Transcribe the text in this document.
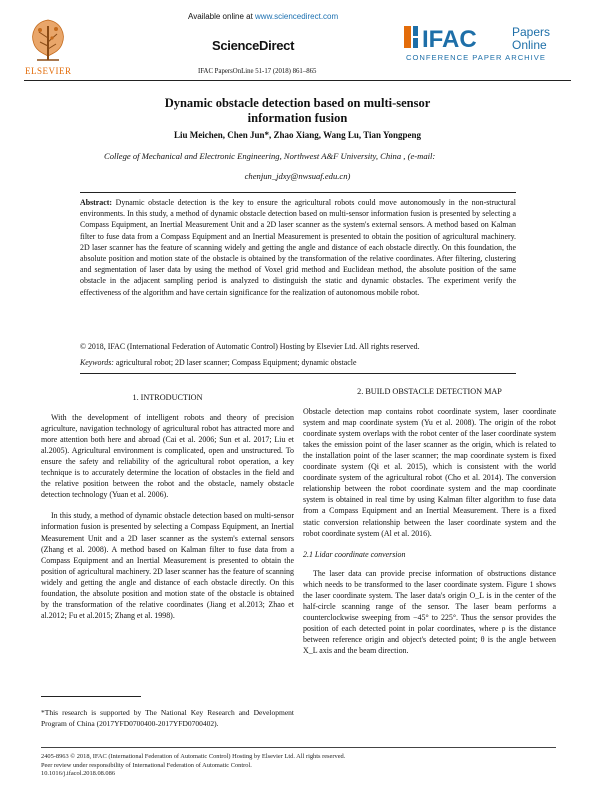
Available online at www.sciencedirect.com
ELSEVIER
ScienceDirect
IFAC PapersOnLine 51-17 (2018) 861–865
IFAC	Papers
Online
CONFERENCE PAPER ARCHIVE
Dynamic obstacle detection based on multi-sensor
information fusion
Liu Meichen, Chen Jun*, Zhao Xiang, Wang Lu, Tian Yongpeng
College of Mechanical and Electronic Engineering, Northwest A&F University, China , (e-mail:
chenjun_jdxy@nwsuaf.edu.cn)
Abstract: Dynamic obstacle detection is the key to ensure the agricultural robots could move autonomously in the non-structural environments. In this study, a method of dynamic obstacle detection based on multi-sensor information fusion is presented by selecting a Compass Equipment, an Inertial Measurement Unit and a 2D laser scanner as the system's external sensors. A method based on Kalman filter to fuse data from a Compass Equipment and an Inertial Measurement is presented to obtain the position of agricultural machinery. 2D laser scanner has the feature of scanning widely and getting the angle and distance of each obstacle directly. On this foundation, the absolute position and motion state of the obstacle is obtained by the transformation of the relative coordinates. After filtering, clustering and segmentation of laser data by using the method of Voxel grid method and Euclidean method, the absolute position of the same obstacle in the adjacent sampling period is analyzed to distinguish the static and dynamic obstacles. The experiment verify the effectiveness of the algorithm and have certain significance for the realization of autonomous mobile robot.
© 2018, IFAC (International Federation of Automatic Control) Hosting by Elsevier Ltd. All rights reserved.
Keywords: agricultural robot; 2D laser scanner; Compass Equipment; dynamic obstacle
1. INTRODUCTION
With the development of intelligent robots and theory of precision agriculture, navigation technology of agricultural robot has attracted more and more attention both here and abroad (Cai et al. 2006; Sun et al. 2017; Liu et al.2005). Agricultural environment is complicated, open and unstructured. To ensure the safety and reliability of the agricultural robot operation, a key technique is to accurately determine the location of obstacles in the field and the relative position between the robot and the obstacle, namely obstacle detection technology (Yuan et al. 2006).
In this study, a method of dynamic obstacle detection based on multi-sensor information fusion is presented by selecting a Compass Equipment, an Inertial Measurement Unit and a 2D laser scanner as the system's external sensors (Zhang et al. 2008). A method based on Kalman filter to fuse data from a Compass Equipment and an Inertial Measurement is presented to obtain the position of agricultural machinery. 2D laser scanner has the feature of scanning widely and getting the angle and distance of each obstacle directly. On this foundation, the absolute position and motion state of the obstacle is obtained by the transformation of the relative coordinates (Jiang et al.2013; Zhao et al.2012; Fu et al.2015; Zhang et al. 1998).
*This research is supported by The National Key Research and Development Program of China (2017YFD0700400-2017YFD0700402).
2. BUILD OBSTACLE DETECTION MAP
Obstacle detection map contains robot coordinate system, laser coordinate system and map coordinate system (Yu et al. 2008). The origin of the robot coordinate system overlaps with the robot center of the laser coordinate system takes the emission point of the laser scanner as the origin, which is related to the installation point of the laser scanner; the map coordinate system is fixed coordinate system (Qi et al. 2015), which is consistent with the world coordinate system of the agricultural robot (Cho et al. 2014). The conversion relationship between the robot coordinate system and the map coordinate system is obtained in real time by using Kalman filter algorithm to fuse data from a Compass Equipment and an Inertial Measurement. There is a fixed static conversion relationship between the laser coordinate system and the robot coordinate system (Al et al. 2016).
2.1 Lidar coordinate conversion
The laser data can provide precise information of obstructions distance which needs to be transformed to the laser coordinate system. Figure 1 shows the laser coordinate system. The laser data's origin O_L is in the center of the half-circle scanning range of the sensor. The laser beam performs a counterclockwise sweeping from −45° to 225°. Thus the sensor provides the position of each detected point in polar coordinates, where ρ is the distance between reference origin and object's detected point; θ is the angle between X_L axis and the beam direction.
2405-8963 © 2018, IFAC (International Federation of Automatic Control) Hosting by Elsevier Ltd. All rights reserved.
Peer review under responsibility of International Federation of Automatic Control.
10.1016/j.ifacol.2018.08.086
